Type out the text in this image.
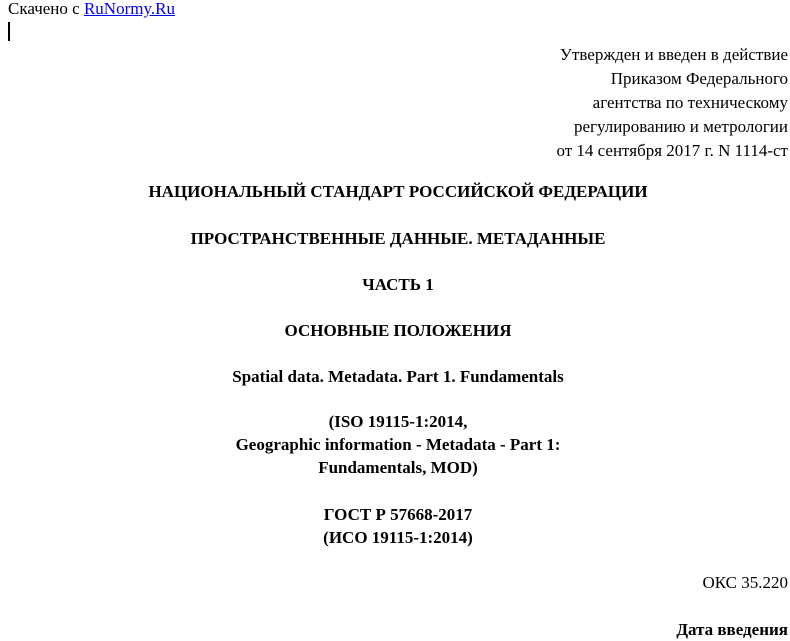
Скачено с RuNormy.Ru
Утвержден и введен в действие
Приказом Федерального
агентства по техническому
регулированию и метрологии
от 14 сентября 2017 г. N 1114-ст
НАЦИОНАЛЬНЫЙ СТАНДАРТ РОССИЙСКОЙ ФЕДЕРАЦИИ
ПРОСТРАНСТВЕННЫЕ ДАННЫЕ. МЕТАДАННЫЕ
ЧАСТЬ 1
ОСНОВНЫЕ ПОЛОЖЕНИЯ
Spatial data. Metadata. Part 1. Fundamentals
(ISO 19115-1:2014,
Geographic information - Metadata - Part 1:
Fundamentals, MOD)
ГОСТ Р 57668-2017
(ИСО 19115-1:2014)
ОКС 35.220
Дата введения
